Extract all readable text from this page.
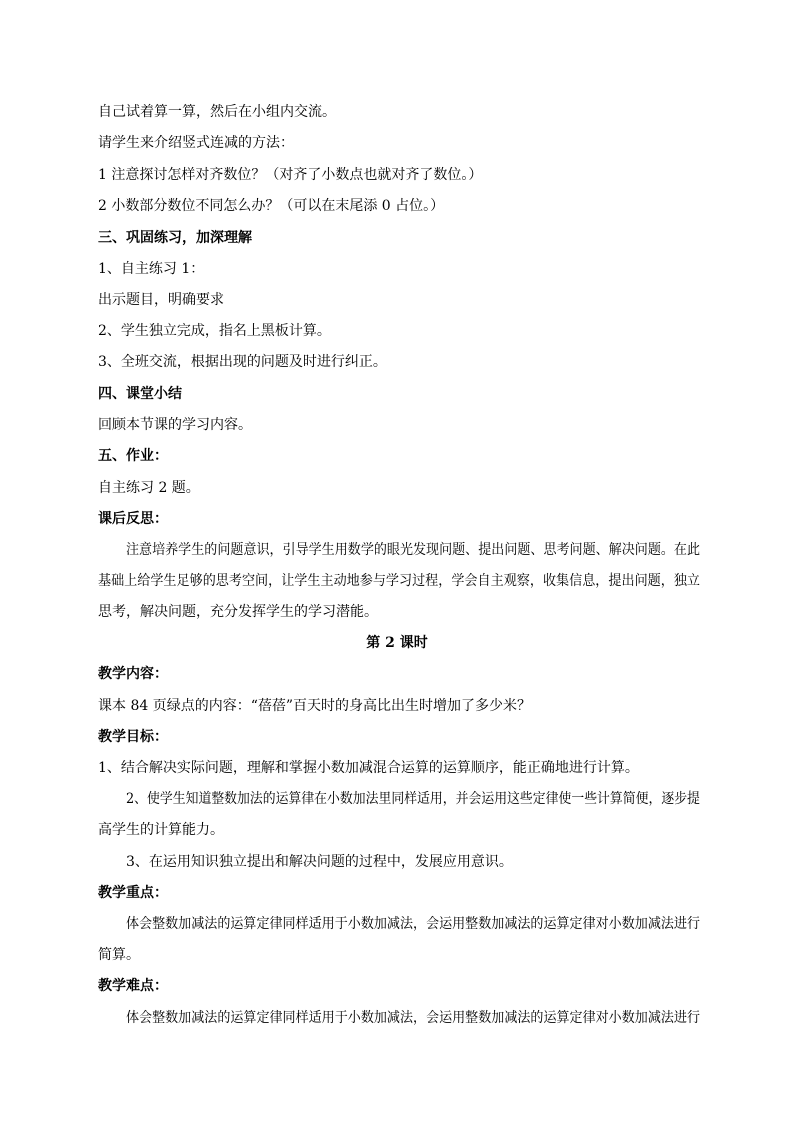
自己试着算一算，然后在小组内交流。

请学生来介绍竖式连减的方法：

1 注意探讨怎样对齐数位？（对齐了小数点也就对齐了数位。）

2 小数部分数位不同怎么办？（可以在末尾添 0 占位。）

三、巩固练习，加深理解

1、自主练习 1：

出示题目，明确要求

2、学生独立完成，指名上黑板计算。

3、全班交流，根据出现的问题及时进行纠正。

四、课堂小结

回顾本节课的学习内容。

五、作业：

自主练习 2 题。

课后反思：

注意培养学生的问题意识，引导学生用数学的眼光发现问题、提出问题、思考问题、解决问题。在此

基础上给学生足够的思考空间，让学生主动地参与学习过程，学会自主观察，收集信息，提出问题，独立

思考，解决问题，充分发挥学生的学习潜能。

第 2 课时

教学内容：

课本 84 页绿点的内容：“蓓蓓”百天时的身高比出生时增加了多少米？

教学目标：

1、结合解决实际问题，理解和掌握小数加减混合运算的运算顺序，能正确地进行计算。

2、使学生知道整数加法的运算律在小数加法里同样适用，并会运用这些定律使一些计算简便，逐步提

高学生的计算能力。

3、在运用知识独立提出和解决问题的过程中，发展应用意识。

教学重点：

体会整数加减法的运算定律同样适用于小数加减法，会运用整数加减法的运算定律对小数加减法进行

简算。

教学难点：

体会整数加减法的运算定律同样适用于小数加减法，会运用整数加减法的运算定律对小数加减法进行
